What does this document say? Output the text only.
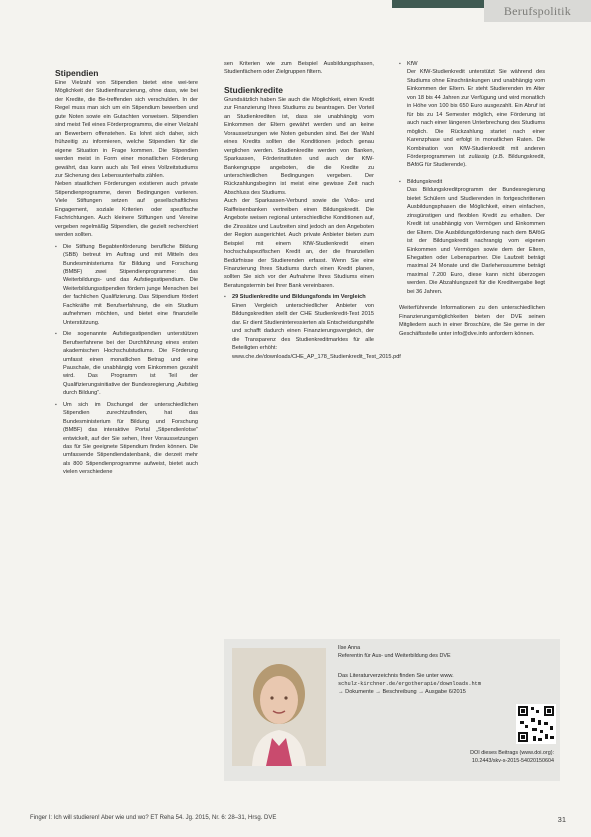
Berufspolitik
Stipendien

Eine Vielzahl von Stipendien bietet eine wei-tere Möglichkeit der Studienfinanzierung, ohne dass, wie bei der Kredite, die Be-treffenden sich verschulden. In der Regel muss man sich um ein Stipendium bewerben und gute Noten sowie ein Gutachten vorweisen. Stipendien sind meist Teil eines Förderprogramms, die einer Vielzahl an Bewerbern offenstehen. Es lohnt sich daher, sich frühzeitig zu informieren, welche Stipendien für die eigene Situation in Frage kommen. Die Stipendien werden meist in Form einer monatlichen Förderung gewährt, das kann auch als Teil eines Vollzeitstudiums zur Sicherung des Lebensunterhalts zählen.

Neben staatlichen Förderungen existieren auch private Stipendienprogramme, deren Bedingungen variieren. Viele Stiftungen setzen auf gesellschaftliches Engagement, soziale Kriterien oder spezifische Fachrichtungen. Auch kleinere Stiftungen und Vereine vergeben regelmäßig Stipendien, die gezielt recherchiert werden sollten.

▪ Die Stiftung Begabtenförderung berufliche Bildung (SBB) betreut im Auftrag und mit Mitteln des Bundesministeriums für Bildung und Forschung (BMBF) zwei Stipendienprogramme: das Weiterbildungs- und das Aufstiegsstipendium. Die Weiterbildungsstipendien fördern junge Menschen bei der fachlichen Qualifizierung. Das Stipendium fördert Fachkräfte mit Berufserfahrung, die ein Studium aufnehmen möchten, und bietet eine finanzielle Unterstützung.
▪ Die sogenannte Aufstiegsstipendien unterstützen Berufserfahrene bei der Durchführung eines ersten akademischen Hochschulstudiums. Die Förderung umfasst einen monatlichen Betrag und eine Pauschale, die unabhängig vom Einkommen gezahlt wird. Das Programm ist Teil der Qualifizierungsinitiative der Bundesregierung „Aufstieg durch Bildung“.
▪ Um sich im Dschungel der unterschiedlichen Stipendien zurechtzufinden, hat das Bundesministerium für Bildung und Forschung (BMBF) das interaktive Portal „Stipendienlotse“ entwickelt, auf der Sie sehen, Ihrer Voraussetzungen das für Sie geeignete Stipendium finden können. Die umfassende Stipendiendatenbank, die derzeit mehr als 800 Stipendienprogramme aufweist, bietet auch vielen verschiedene

sen Kriterien wie zum Beispiel Ausbildungsphasen, Studienfächern oder Zielgruppen filtern.

Studienkredite

Grundsätzlich haben Sie auch die Möglichkeit, einen Kredit zur Finanzierung Ihres Studiums zu beantragen. Der Vorteil an Studienkrediten ist, dass sie unabhängig vom Einkommen der Eltern gewährt werden und an keine Voraussetzungen wie Noten gebunden sind. Bei der Wahl eines Kredits sollten die Konditionen jedoch genau verglichen werden. Studienkredite werden von Banken, Sparkassen, Förderinstituten und auch der KfW-Bankengruppe angeboten, die die Kredite zu unterschiedlichen Bedingungen vergeben. Der Rückzahlungsbeginn ist meist eine gewisse Zeit nach Abschluss des Studiums.

Auch der Sparkassen-Verbund sowie die Volks- und Raiffeisenbanken vertreiben einen Bildungskredit. Die Angebote weisen regional unterschiedliche Konditionen auf, die Zinssätze und Laufzeiten sind jedoch an den Angeboten der Region ausgerichtet. Auch private Anbieter bieten zum Beispiel mit einem KfW-Studienkredit einen hochschulspezifischen Kredit an, der die finanziellen Bedürfnisse der Studierenden erfasst. Wenn Sie eine Finanzierung Ihres Studiums durch einen Kredit planen, sollten Sie sich vor der Aufnahme Ihres Studiums einen Beratungstermin bei Ihrer Bank vereinbaren.

▪ 29 Studienkredite und Bildungsfonds im Vergleich
Einen Vergleich unterschiedlicher Anbieter von Bildungskrediten stellt der CHE Studienkredit-Test 2015 dar. Er dient Studieninteressierten als Entscheidungshilfe und schafft dadurch einen Finanzierungsvergleich, der die Transparenz des Studienkreditmarktes für alle Beteiligten erhöht:
www.che.de/downloads/CHE_AP_178_Studienkredit_Test_2015.pdf
▪ KfW
Der KfW-Studienkredit unterstützt Sie während des Studiums ohne Einschränkungen und unabhängig vom Einkommen der Eltern. Er steht Studierenden im Alter von 18 bis 44 Jahren zur Verfügung und wird monatlich in Höhe von 100 bis 650 Euro ausgezahlt. Ein Abruf ist für bis zu 14 Semester möglich, eine Förderung ist auch nach einer längeren Unterbrechung des Studiums möglich. Die Rückzahlung startet nach einer Karenzphase und erfolgt in monatlichen Raten. Die Kombination von KfW-Studienkredit mit anderen Förderprogrammen ist zulässig (z.B. Bildungskredit, BAföG für Studierende).
▪ Bildungskredit
Das Bildungskreditprogramm der Bundesregierung bietet Schülern und Studierenden in fortgeschrittenen Ausbildungsphasen die Möglichkeit, einen einfachen, zinsgünstigen und flexiblen Kredit zu erhalten. Der Kredit ist unabhängig von Vermögen und Einkommen der Eltern. Die Ausbildungsförderung nach dem BAföG ist der Bildungskredit nachrangig vom eigenen Einkommen und Vermögen sowie dem der Eltern, Ehegatten oder Lebenspartner. Die Laufzeit beträgt maximal 24 Monate und die Darlehenssumme beträgt maximal 7.200 Euro, diese kann nicht überzogen werden. Die Abzahlungszeit für die Kreditvergabe liegt bei 36 Jahren.

Weiterführende Informationen zu den unterschiedlichen Finanzierungsmöglichkeiten bieten der DVE seinen Mitgliedern auch in einer Broschüre, die Sie gerne in der Geschäftsstelle unter info@dve.info anfordern können.

Ilse Anna
Referentin für Aus- und Weiterbildung des DVE
Das Literaturverzeichnis finden Sie unter www.
schulz-kirchner.de/ergotherapie/downloads.htm
→ Dokumente → Beschreibung → Ausgabe 6/2015
DOI dieses Beitrags (www.doi.org):
10.2443/skv-s-2015-54020150604
Finger I: Ich will studieren! Aber wie und wo? ET Reha 54. Jg. 2015, Nr. 6: 28–31, Hrsg. DVE	31
